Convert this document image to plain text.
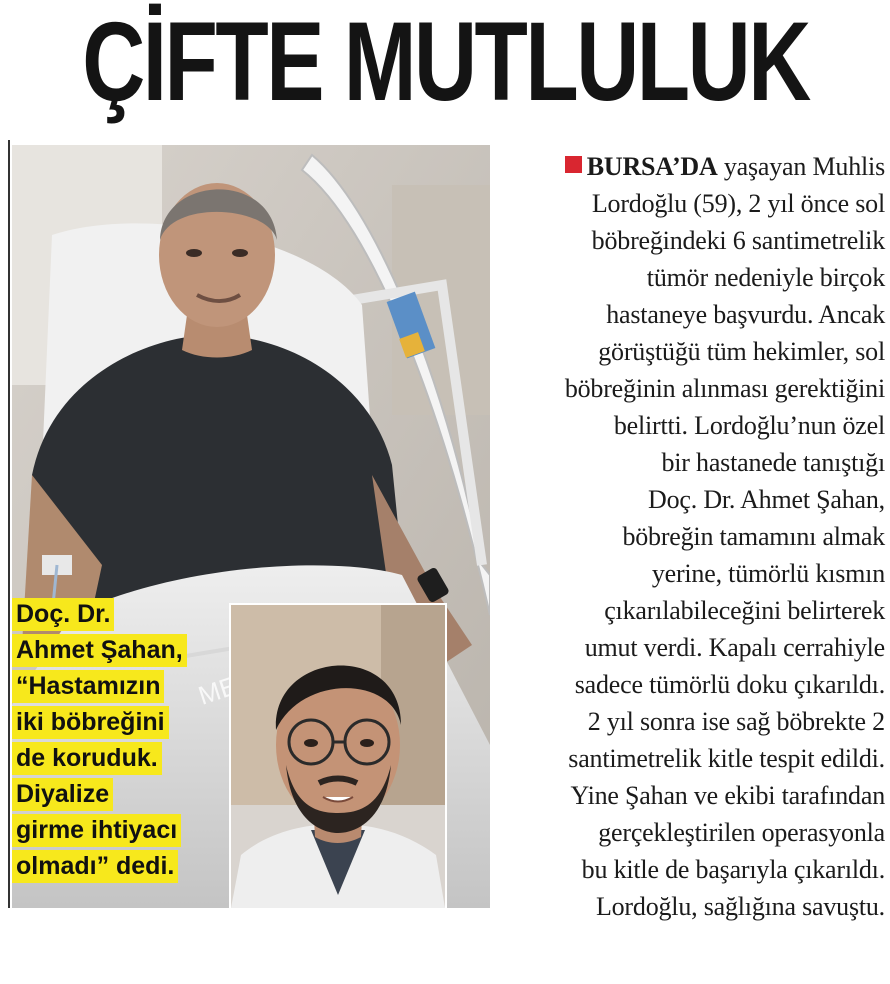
ÇİFTE MUTLULUK
Doç. Dr.
Ahmet Şahan,
“Hastamızın
iki böbreğini
de koruduk.
Diyalize
girme ihtiyacı
olmadı” dedi.
BURSA’DA yaşayan Muhlis
Lordoğlu (59), 2 yıl önce sol
böbreğindeki 6 santimetrelik
tümör nedeniyle birçok
hastaneye başvurdu. Ancak
görüştüğü tüm hekimler, sol
böbreğinin alınması gerektiğini
belirtti. Lordoğlu’nun özel
bir hastanede tanıştığı
Doç. Dr. Ahmet Şahan,
böbreğin tamamını almak
yerine, tümörlü kısmın
çıkarılabileceğini belirterek
umut verdi. Kapalı cerrahiyle
sadece tümörlü doku çıkarıldı.
2 yıl sonra ise sağ böbrekte 2
santimetrelik kitle tespit edildi.
Yine Şahan ve ekibi tarafından
gerçekleştirilen operasyonla
bu kitle de başarıyla çıkarıldı.
Lordoğlu, sağlığına savuştu.
